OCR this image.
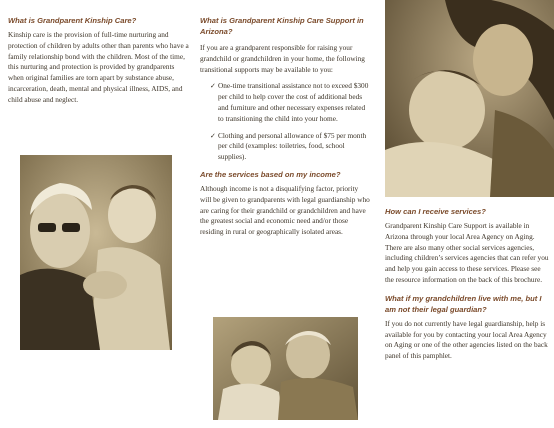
What is Grandparent Kinship Care?

Kinship care is the provision of full-time nurturing and protection of children by adults other than parents who have a family relationship bond with the children. Most of the time, this nurturing and protection is provided by grandparents when original families are torn apart by substance abuse, incarceration, death, mental and physical illness, AIDS, and child abuse and neglect.

What is Grandparent Kinship Care Support in Arizona?

If you are a grandparent responsible for raising your grandchild or grandchildren in your home, the following transitional supports may be available to you:

✓ One-time transitional assistance not to exceed $300 per child to help cover the cost of additional beds and furniture and other necessary expenses related to transitioning the child into your home.
✓ Clothing and personal allowance of $75 per month per child (examples: toiletries, food, school supplies).

Are the services based on my income?

Although income is not a disqualifying factor, priority will be given to grandparents with legal guardianship who are caring for their grandchild or grandchildren and have the greatest social and economic need and/or those residing in rural or geographically isolated areas.

How can I receive services?

Grandparent Kinship Care Support is available in Arizona through your local Area Agency on Aging. There are also many other social services agencies, including children’s services agencies that can refer you and help you gain access to these services. Please see the resource information on the back of this brochure.

What if my grandchildren live with me, but I am not their legal guardian?

If you do not currently have legal guardianship, help is available for you by contacting your local Area Agency on Aging or one of the other agencies listed on the back panel of this pamphlet.
